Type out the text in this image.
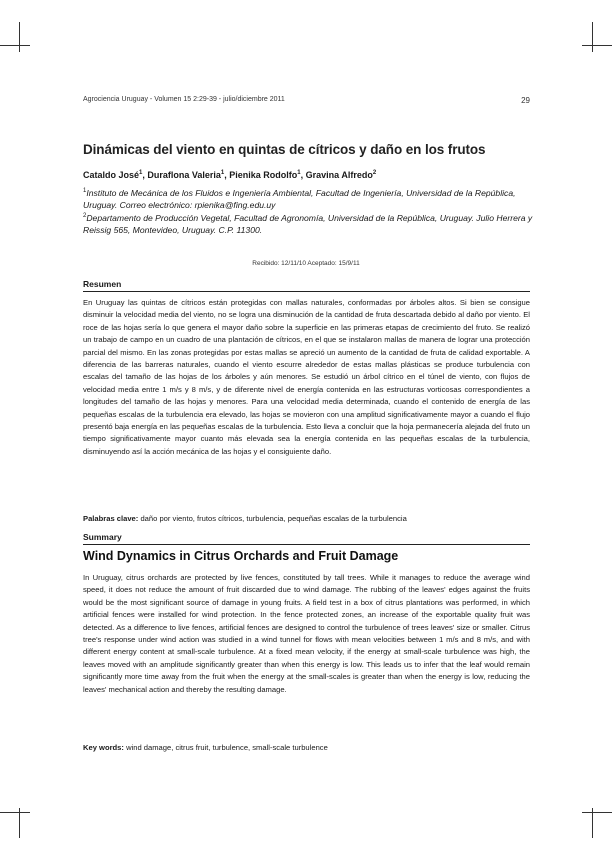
Agrociencia Uruguay - Volumen 15 2:29-39 - julio/diciembre 2011	29
Dinámicas del viento en quintas de cítricos y daño en los frutos
Cataldo José$^1$, Duraflona Valeria$^1$, Pienika Rodolfo$^1$, Gravina Alfredo$^2$
$^1$Instituto de Mecánica de los Fluidos e Ingeniería Ambiental, Facultad de Ingeniería, Universidad de la República, Uruguay. Correo electrónico: rpienika@fing.edu.uy
$^2$Departamento de Producción Vegetal, Facultad de Agronomía, Universidad de la República, Uruguay. Julio Herrera y Reissig 565, Montevideo, Uruguay. C.P. 11300.
Recibido: 12/11/10 Aceptado: 15/9/11
Resumen
En Uruguay las quintas de cítricos están protegidas con mallas naturales, conformadas por árboles altos. Si bien se consigue disminuir la velocidad media del viento, no se logra una disminución de la cantidad de fruta descartada debido al daño por viento. El roce de las hojas sería lo que genera el mayor daño sobre la superficie en las primeras etapas de crecimiento del fruto. Se realizó un trabajo de campo en un cuadro de una plantación de cítricos, en el que se instalaron mallas de manera de lograr una protección parcial del mismo. En las zonas protegidas por estas mallas se apreció un aumento de la cantidad de fruta de calidad exportable. A diferencia de las barreras naturales, cuando el viento escurre alrededor de estas mallas plásticas se produce turbulencia con escalas del tamaño de las hojas de los árboles y aún menores. Se estudió un árbol cítrico en el túnel de viento, con flujos de velocidad media entre 1 m/s y 8 m/s, y de diferente nivel de energía contenida en las estructuras vorticosas correspondientes a longitudes del tamaño de las hojas y menores. Para una velocidad media determinada, cuando el contenido de energía de las pequeñas escalas de la turbulencia era elevado, las hojas se movieron con una amplitud significativamente mayor a cuando el flujo presentó baja energía en las pequeñas escalas de la turbulencia. Esto lleva a concluir que la hoja permanecería alejada del fruto un tiempo significativamente mayor cuanto más elevada sea la energía contenida en las pequeñas escalas de la turbulencia, disminuyendo así la acción mecánica de las hojas y el consiguiente daño.
Palabras clave: daño por viento, frutos cítricos, turbulencia, pequeñas escalas de la turbulencia
Summary
Wind Dynamics in Citrus Orchards and Fruit Damage
In Uruguay, citrus orchards are protected by live fences, constituted by tall trees. While it manages to reduce the average wind speed, it does not reduce the amount of fruit discarded due to wind damage. The rubbing of the leaves' edges against the fruits would be the most significant source of damage in young fruits. A field test in a box of citrus plantations was performed, in which artificial fences were installed for wind protection. In the fence protected zones, an increase of the exportable quality fruit was detected. As a difference to live fences, artificial fences are designed to control the turbulence of trees leaves' size or smaller. Citrus tree's response under wind action was studied in a wind tunnel for flows with mean velocities between 1 m/s and 8 m/s, and with different energy content at small-scale turbulence. At a fixed mean velocity, if the energy at small-scale turbulence was high, the leaves moved with an amplitude significantly greater than when this energy is low. This leads us to infer that the leaf would remain significantly more time away from the fruit when the energy at the small-scales is greater than when the energy is low, reducing the leaves' mechanical action and thereby the resulting damage.
Key words: wind damage, citrus fruit, turbulence, small-scale turbulence
